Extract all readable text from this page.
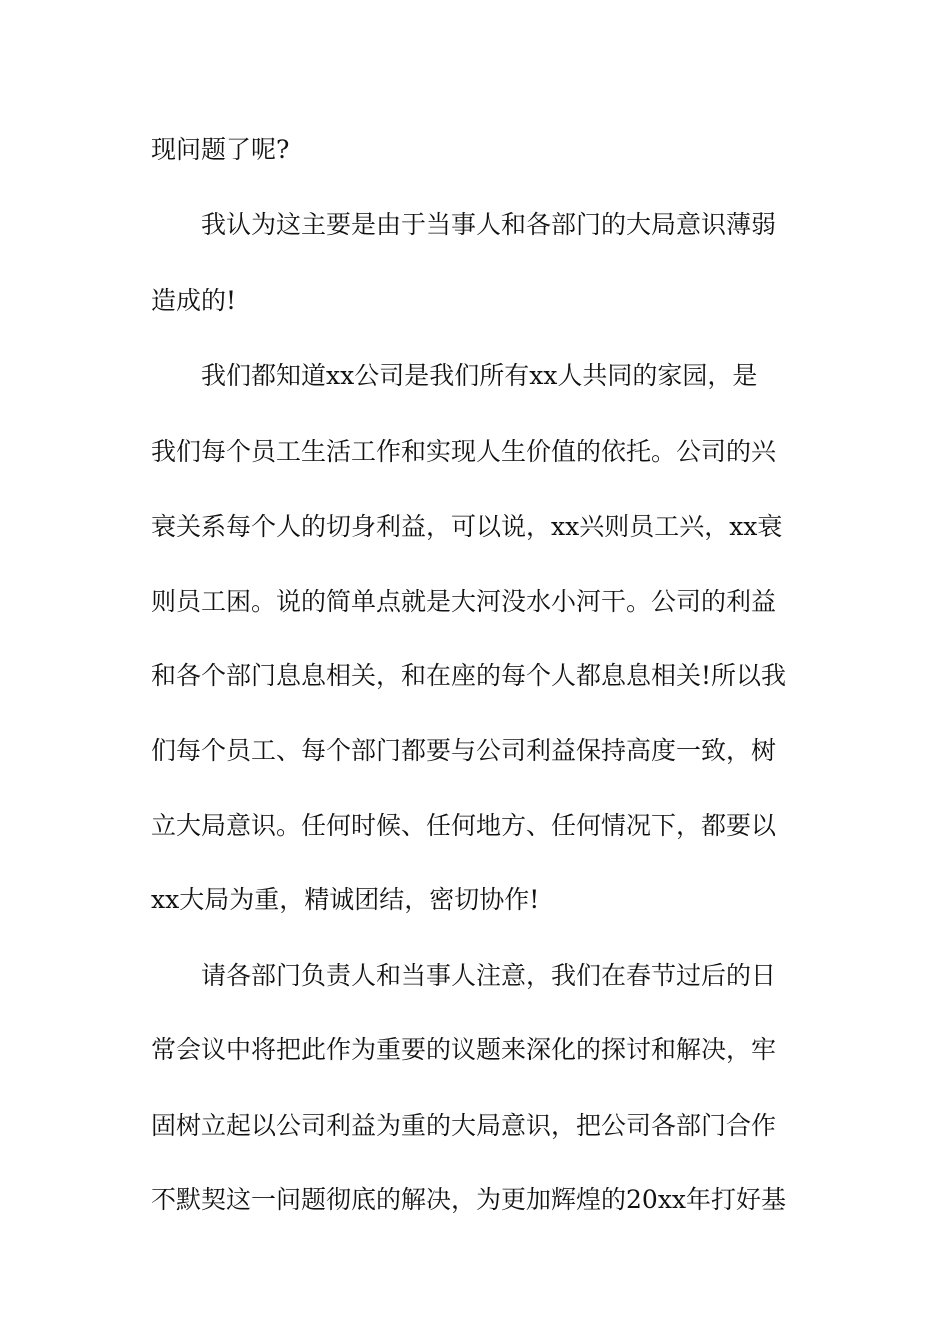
现问题了呢?
我认为这主要是由于当事人和各部门的大局意识薄弱
造成的!
我们都知道xx公司是我们所有xx人共同的家园，是
我们每个员工生活工作和实现人生价值的依托。公司的兴
衰关系每个人的切身利益，可以说，xx兴则员工兴，xx衰
则员工困。说的简单点就是大河没水小河干。公司的利益
和各个部门息息相关，和在座的每个人都息息相关!所以我
们每个员工、每个部门都要与公司利益保持高度一致，树
立大局意识。任何时候、任何地方、任何情况下，都要以
xx大局为重，精诚团结，密切协作!
请各部门负责人和当事人注意，我们在春节过后的日
常会议中将把此作为重要的议题来深化的探讨和解决，牢
固树立起以公司利益为重的大局意识，把公司各部门合作
不默契这一问题彻底的解决，为更加辉煌的20xx年打好基
